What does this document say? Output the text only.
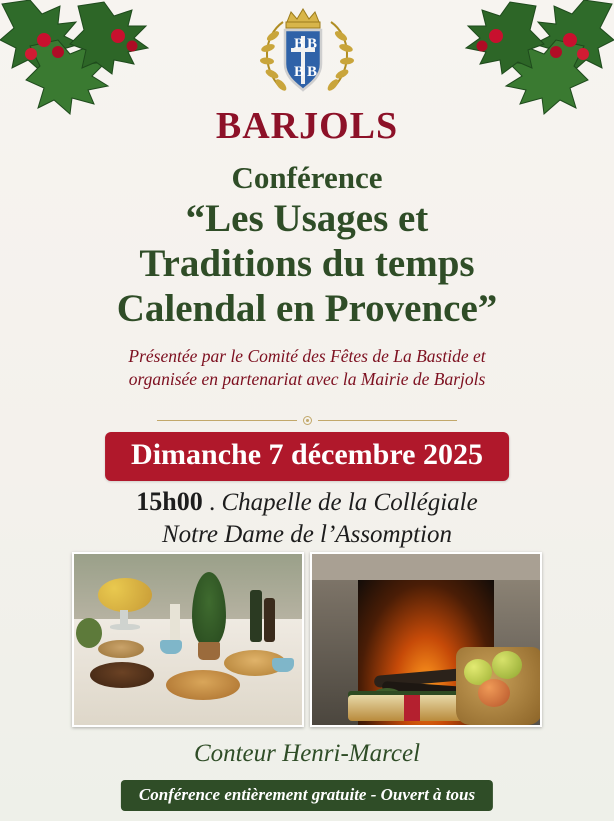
B B
B B
BARJOLS
Conférence
“Les Usages et
Traditions du temps
Calendal en Provence”
Présentée par le Comité des Fêtes de La Bastide et
organisée en partenariat avec la Mairie de Barjols
Dimanche 7 décembre 2025
15h00 . Chapelle de la Collégiale
Notre Dame de l’Assomption
Conteur Henri-Marcel
Conférence entièrement gratuite - Ouvert à tous
